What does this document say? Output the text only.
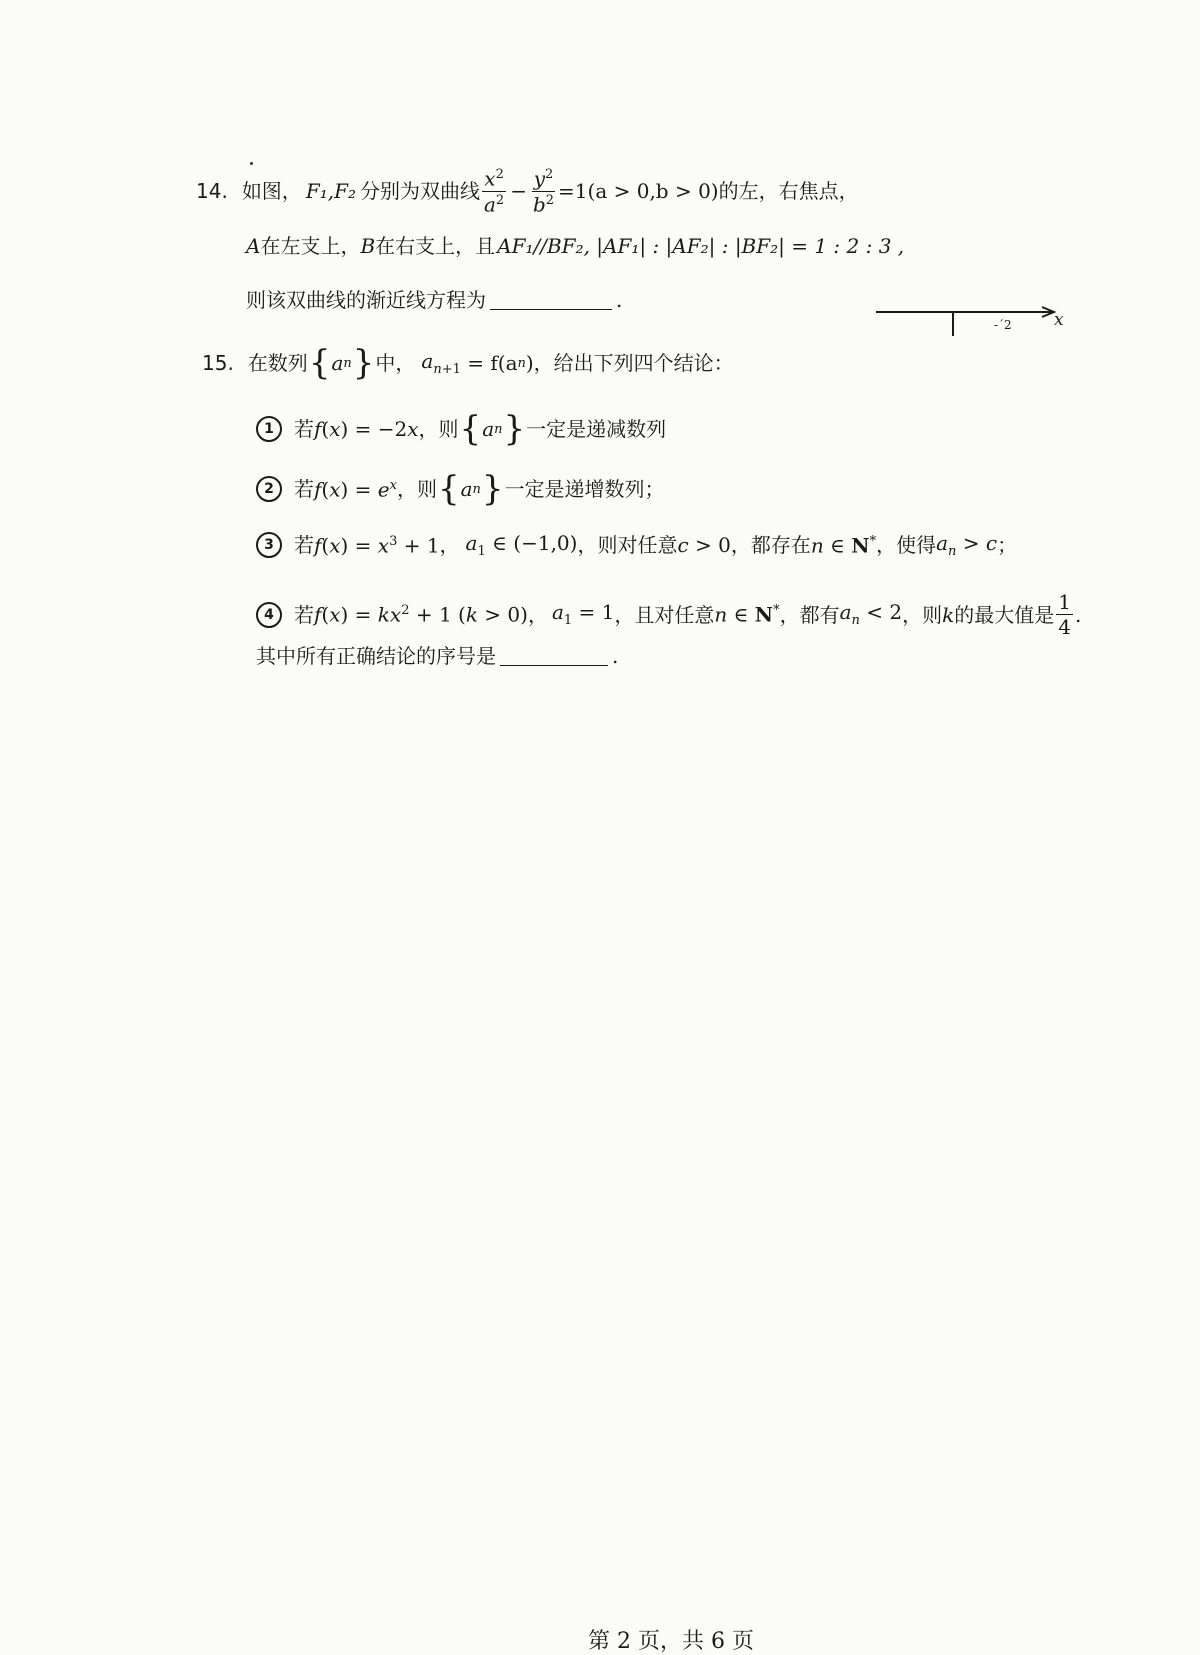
14. 如图， F₁,F₂ 分别为双曲线 $\frac{x^2}{a^2} - \frac{y^2}{b^2} =1(a > 0,b > 0)$ 的左，右焦点，
A 在左支上， B 在右支上，且 AF₁//BF₂, |AF₁| : |AF₂| : |BF₂| = 1 : 2 : 3 ,
则该双曲线的渐近线方程为	.
x
-ˊ2
15. 在数列 { a n } 中， $a_{n+1} = f(a$ n )，给出下列四个结论：
1	若 f(x) = −2x ，则 { a n } 一定是递减数列
2	若 $f(x) = e^x$ ，则 { a n } 一定是递增数列；
3	若 $f(x) = x^3 + 1$ ， $a_1$ ∈ (−1,0) ，则对任意 c > 0 ，都存在 n ∈ N* ，使得 $a_n > c$ ；
4	若 $f(x) = kx^2 + 1$ (k > 0) ， $a_1 = 1$ ，且对任意 n ∈ N* ，都有 $a_n < 2$ ，则 k 的最大值是 $\frac{1}{4}$ .
其中所有正确结论的序号是	.
第 2 页，共 6 页
